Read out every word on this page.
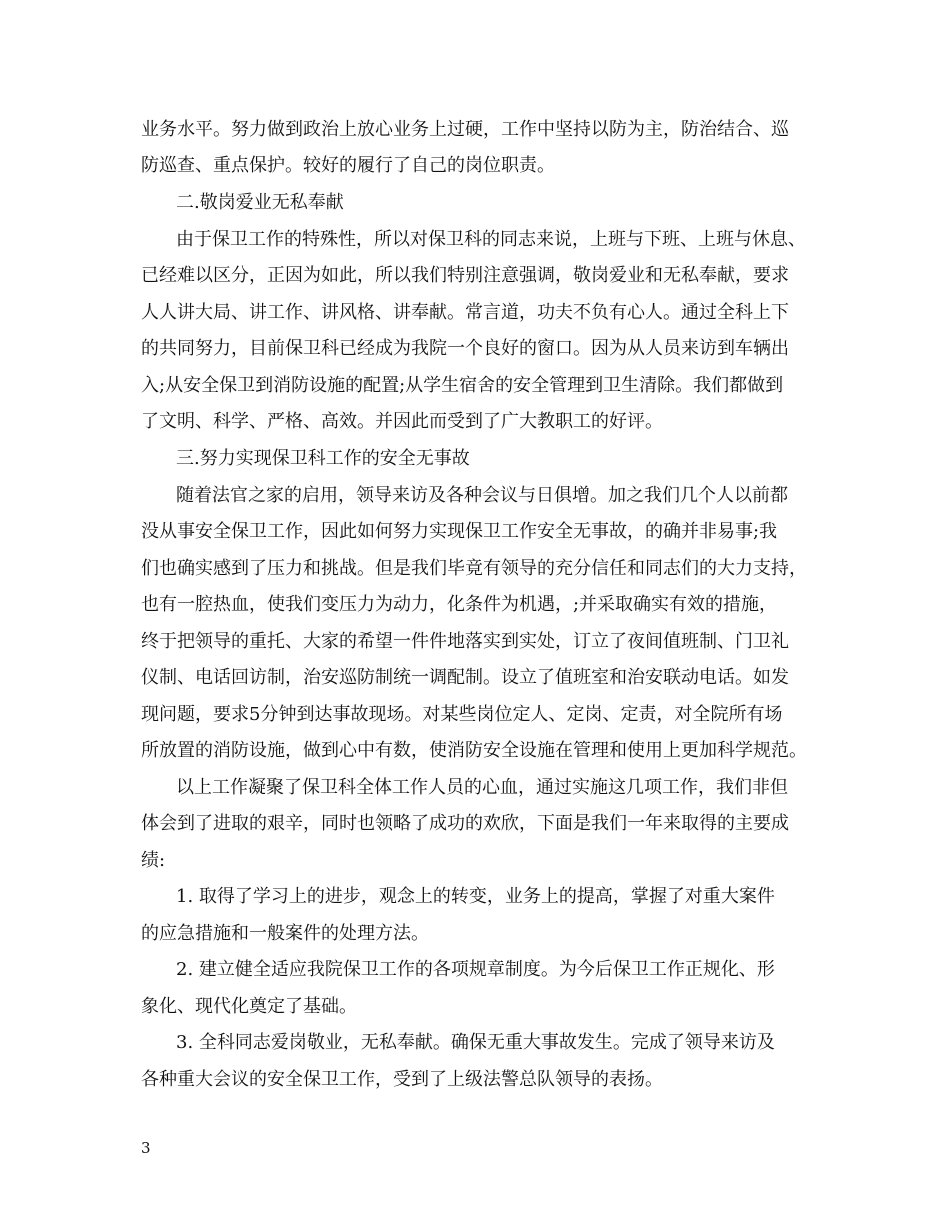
业务水平。努力做到政治上放心业务上过硬，工作中坚持以防为主，防治结合、巡

防巡查、重点保护。较好的履行了自己的岗位职责。

二.敬岗爱业无私奉献

由于保卫工作的特殊性，所以对保卫科的同志来说，上班与下班、上班与休息、

已经难以区分，正因为如此，所以我们特别注意强调，敬岗爱业和无私奉献，要求

人人讲大局、讲工作、讲风格、讲奉献。常言道，功夫不负有心人。通过全科上下

的共同努力，目前保卫科已经成为我院一个良好的窗口。因为从人员来访到车辆出

入;从安全保卫到消防设施的配置;从学生宿舍的安全管理到卫生清除。我们都做到

了文明、科学、严格、高效。并因此而受到了广大教职工的好评。

三.努力实现保卫科工作的安全无事故

随着法官之家的启用，领导来访及各种会议与日俱增。加之我们几个人以前都

没从事安全保卫工作，因此如何努力实现保卫工作安全无事故，的确并非易事;我

们也确实感到了压力和挑战。但是我们毕竟有领导的充分信任和同志们的大力支持，

也有一腔热血，使我们变压力为动力，化条件为机遇，;并采取确实有效的措施，

终于把领导的重托、大家的希望一件件地落实到实处，订立了夜间值班制、门卫礼

仪制、电话回访制，治安巡防制统一调配制。设立了值班室和治安联动电话。如发

现问题，要求5分钟到达事故现场。对某些岗位定人、定岗、定责，对全院所有场

所放置的消防设施，做到心中有数，使消防安全设施在管理和使用上更加科学规范。

以上工作凝聚了保卫科全体工作人员的心血，通过实施这几项工作，我们非但

体会到了进取的艰辛，同时也领略了成功的欢欣，下面是我们一年来取得的主要成

绩:

1. 取得了学习上的进步，观念上的转变，业务上的提高，掌握了对重大案件

的应急措施和一般案件的处理方法。

2. 建立健全适应我院保卫工作的各项规章制度。为今后保卫工作正规化、形

象化、现代化奠定了基础。

3. 全科同志爱岗敬业，无私奉献。确保无重大事故发生。完成了领导来访及

各种重大会议的安全保卫工作，受到了上级法警总队领导的表扬。

3
